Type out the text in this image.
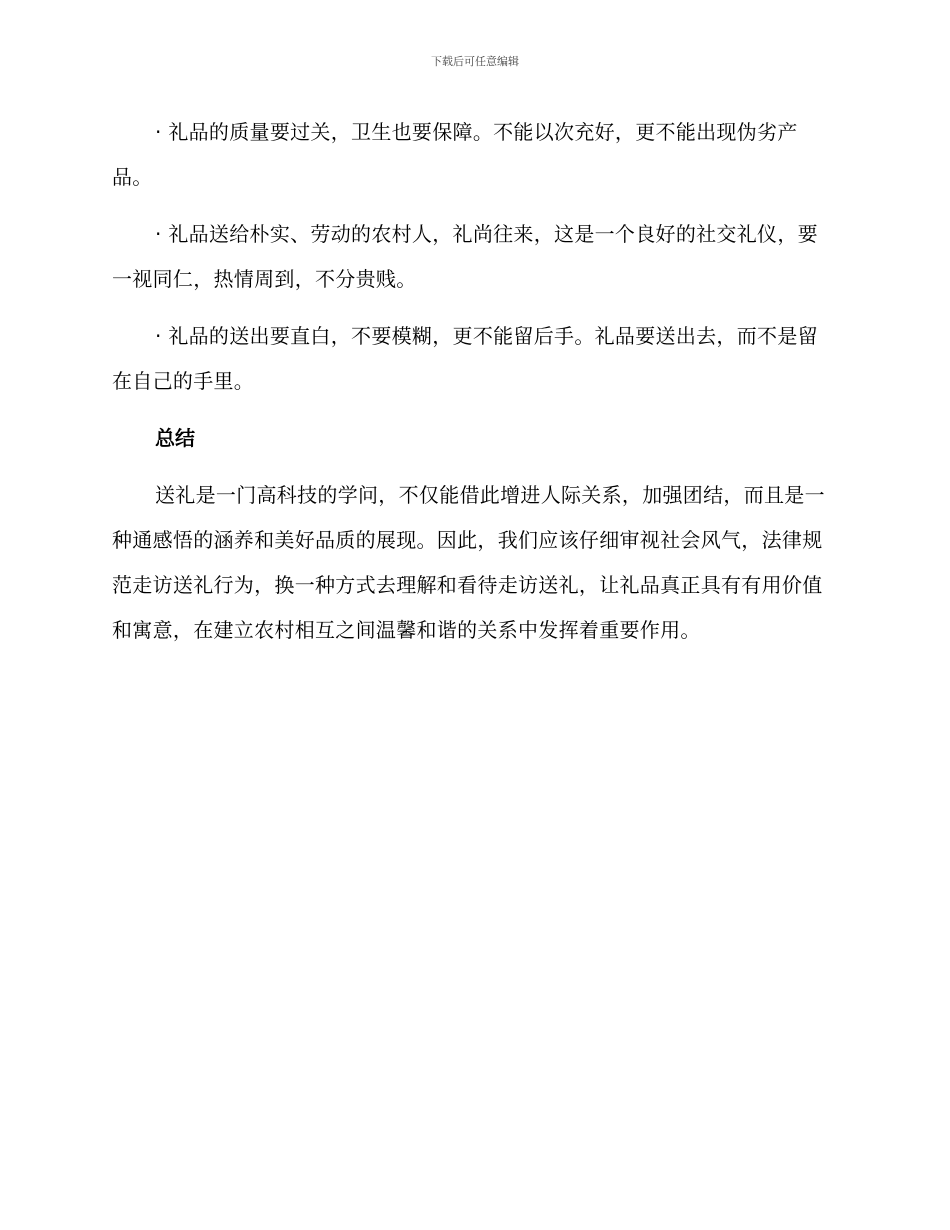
下载后可任意编辑

· 礼品的质量要过关，卫生也要保障。不能以次充好，更不能出现伪劣产品。

· 礼品送给朴实、劳动的农村人，礼尚往来，这是一个良好的社交礼仪，要一视同仁，热情周到，不分贵贱。

· 礼品的送出要直白，不要模糊，更不能留后手。礼品要送出去，而不是留在自己的手里。

总结

送礼是一门高科技的学问，不仅能借此增进人际关系，加强团结，而且是一种通感悟的涵养和美好品质的展现。因此，我们应该仔细审视社会风气，法律规范走访送礼行为，换一种方式去理解和看待走访送礼，让礼品真正具有有用价值和寓意，在建立农村相互之间温馨和谐的关系中发挥着重要作用。
